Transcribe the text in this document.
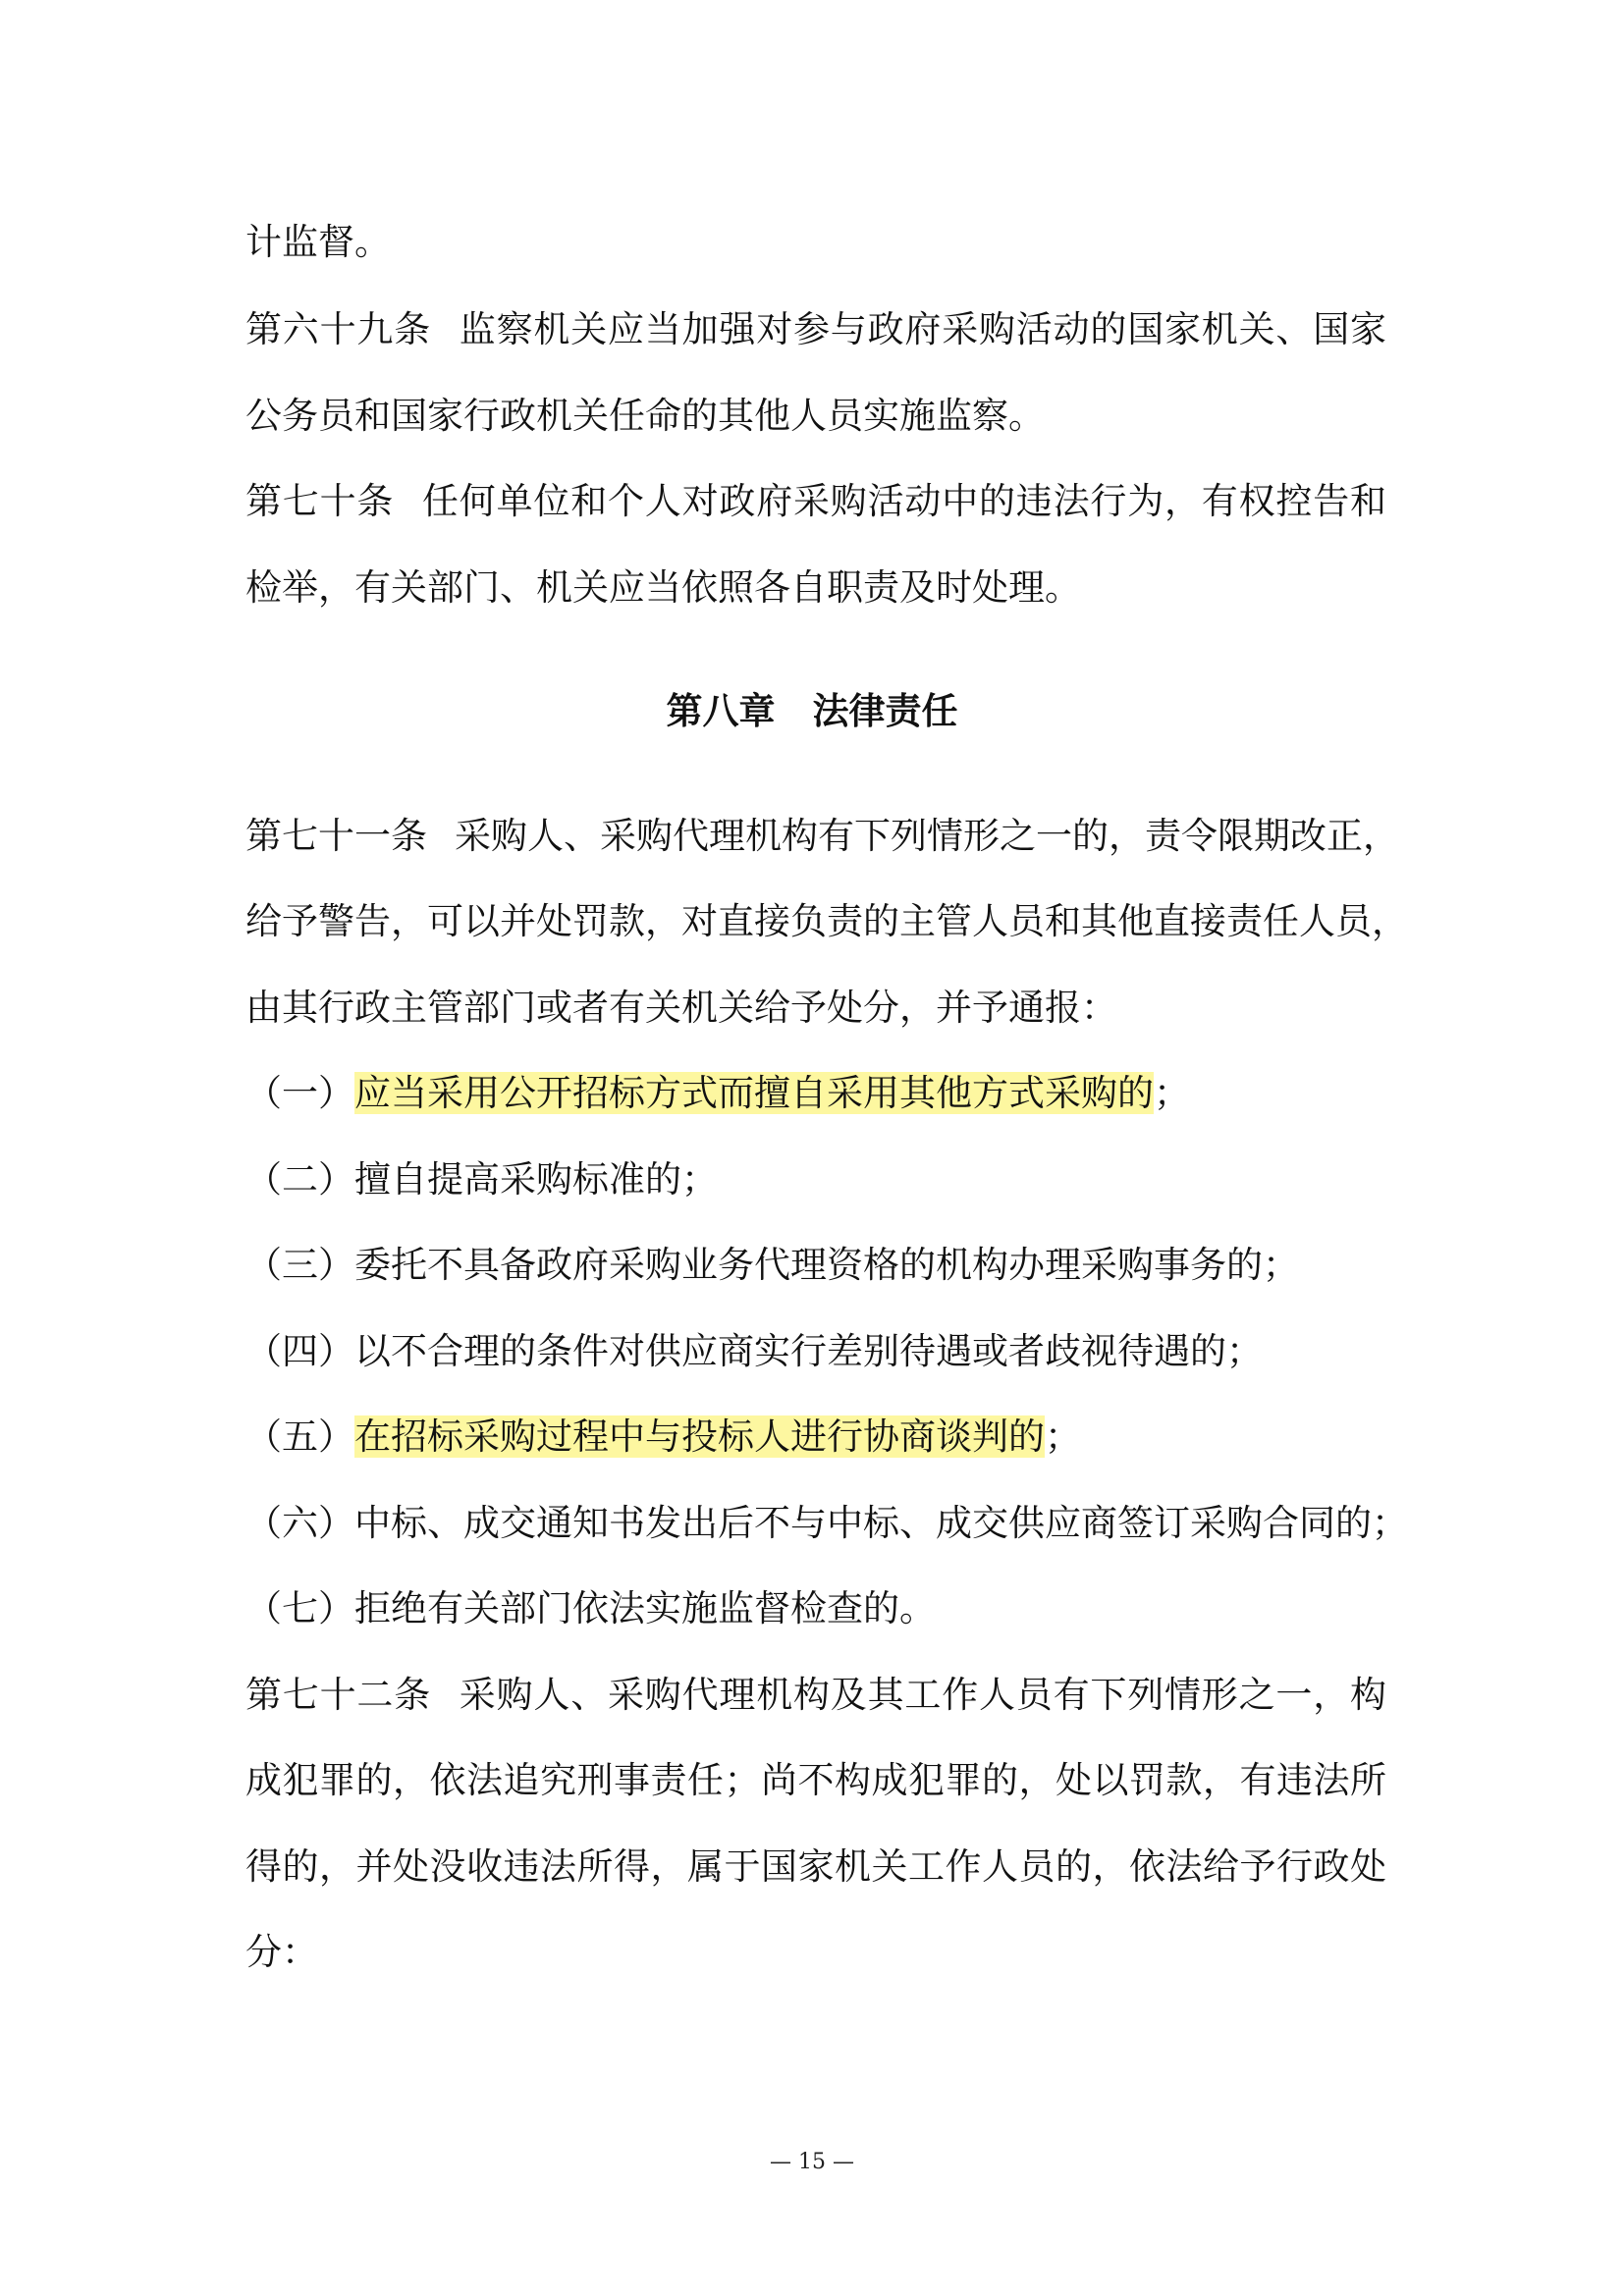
计监督。
第六十九条 监察机关应当加强对参与政府采购活动的国家机关、国家
公务员和国家行政机关任命的其他人员实施监察。
第七十条 任何单位和个人对政府采购活动中的违法行为，有权控告和
检举，有关部门、机关应当依照各自职责及时处理。
第八章 法律责任
第七十一条 采购人、采购代理机构有下列情形之一的，责令限期改正，
给予警告，可以并处罚款，对直接负责的主管人员和其他直接责任人员，
由其行政主管部门或者有关机关给予处分，并予通报：
（一）应当采用公开招标方式而擅自采用其他方式采购的；
（二）擅自提高采购标准的；
（三）委托不具备政府采购业务代理资格的机构办理采购事务的；
（四）以不合理的条件对供应商实行差别待遇或者歧视待遇的；
（五）在招标采购过程中与投标人进行协商谈判的；
（六）中标、成交通知书发出后不与中标、成交供应商签订采购合同的；
（七）拒绝有关部门依法实施监督检查的。
第七十二条 采购人、采购代理机构及其工作人员有下列情形之一，构
成犯罪的，依法追究刑事责任；尚不构成犯罪的，处以罚款，有违法所
得的，并处没收违法所得，属于国家机关工作人员的，依法给予行政处
分：
— 15 —
